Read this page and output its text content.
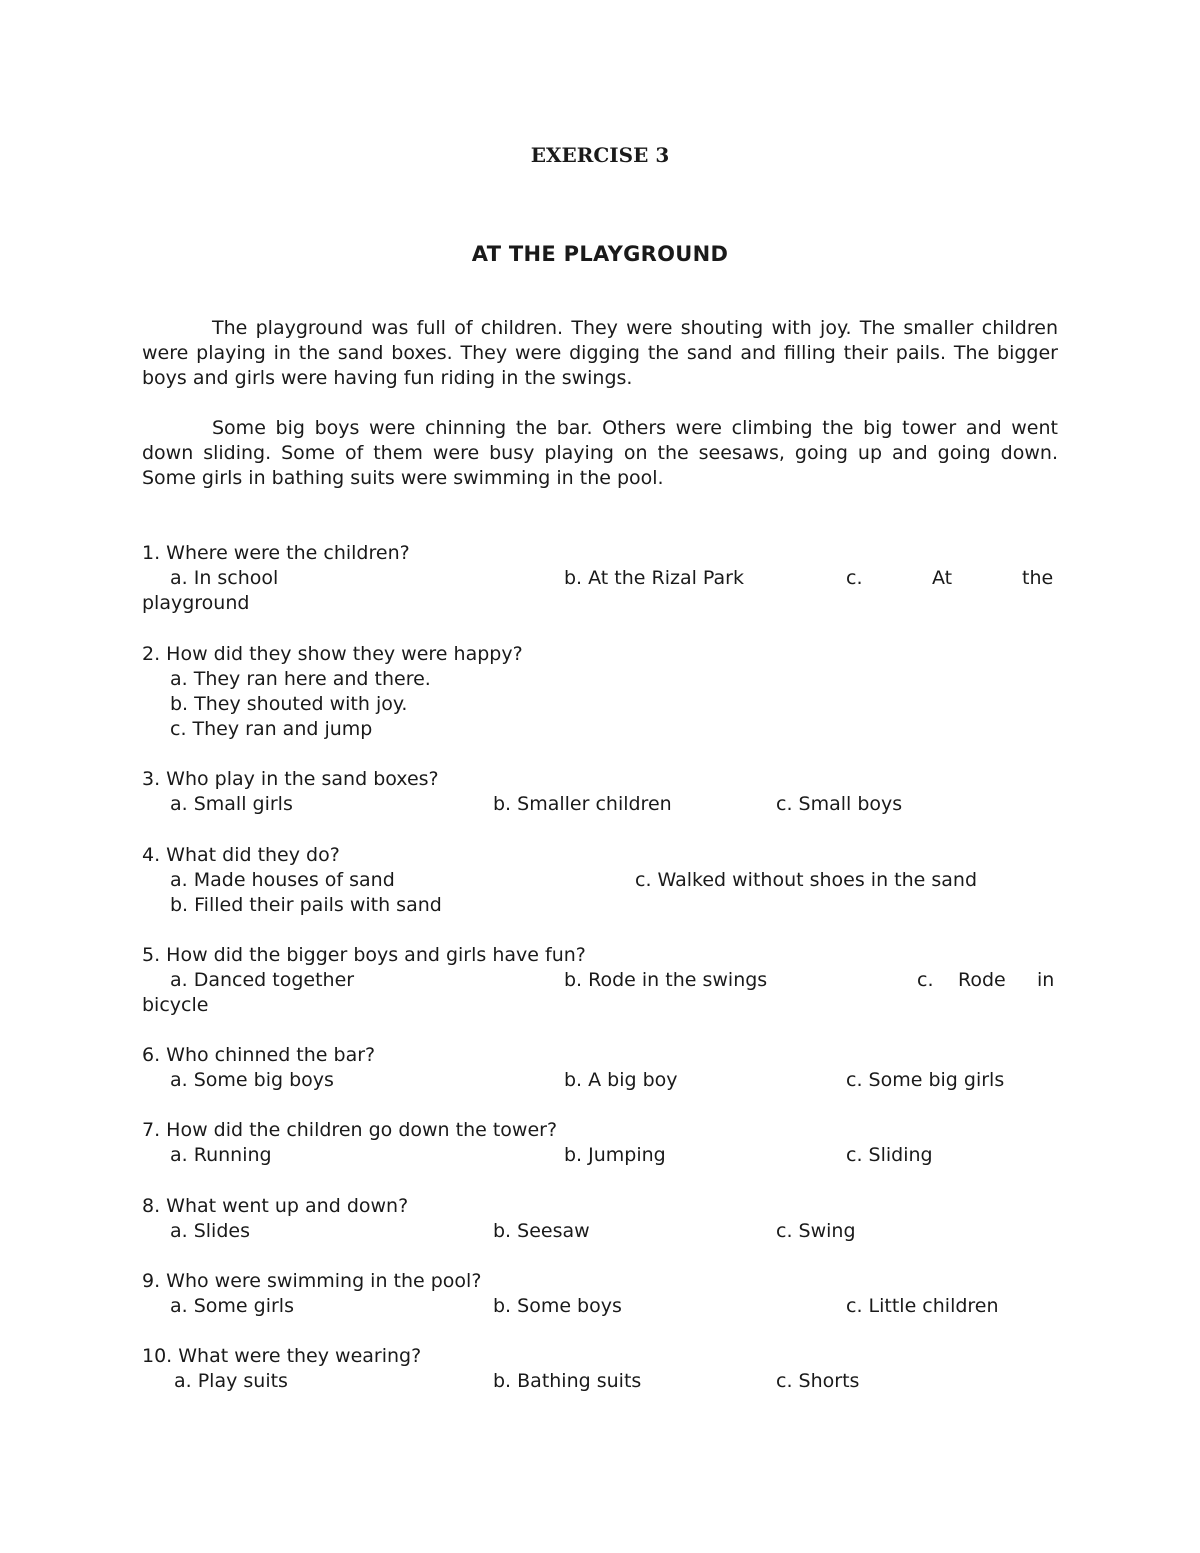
EXERCISE 3
AT THE PLAYGROUND

The playground was full of children. They were shouting with joy. The smaller children were playing in the sand boxes. They were digging the sand and filling their pails. The bigger boys and girls were having fun riding in the swings.

Some big boys were chinning the bar. Others were climbing the big tower and went down sliding. Some of them were busy playing on the seesaws, going up and going down. Some girls in bathing suits were swimming in the pool.

1. Where were the children?
a. In school	b. At the Rizal Park	c.	At	the
playground
2. How did they show they were happy?
a. They ran here and there.
b. They shouted with joy.
c. They ran and jump
3. Who play in the sand boxes?
a. Small girls	b. Smaller children	c. Small boys
4. What did they do?
a. Made houses of sand	c. Walked without shoes in the sand
b. Filled their pails with sand
5. How did the bigger boys and girls have fun?
a. Danced together	b. Rode in the swings	c. Rode in
bicycle
6. Who chinned the bar?
a. Some big boys	b. A big boy	c. Some big girls
7. How did the children go down the tower?
a. Running	b. Jumping	c. Sliding
8. What went up and down?
a. Slides	b. Seesaw	c. Swing
9. Who were swimming in the pool?
a. Some girls	b. Some boys	c. Little children
10. What were they wearing?
a. Play suits	b. Bathing suits	c. Shorts
